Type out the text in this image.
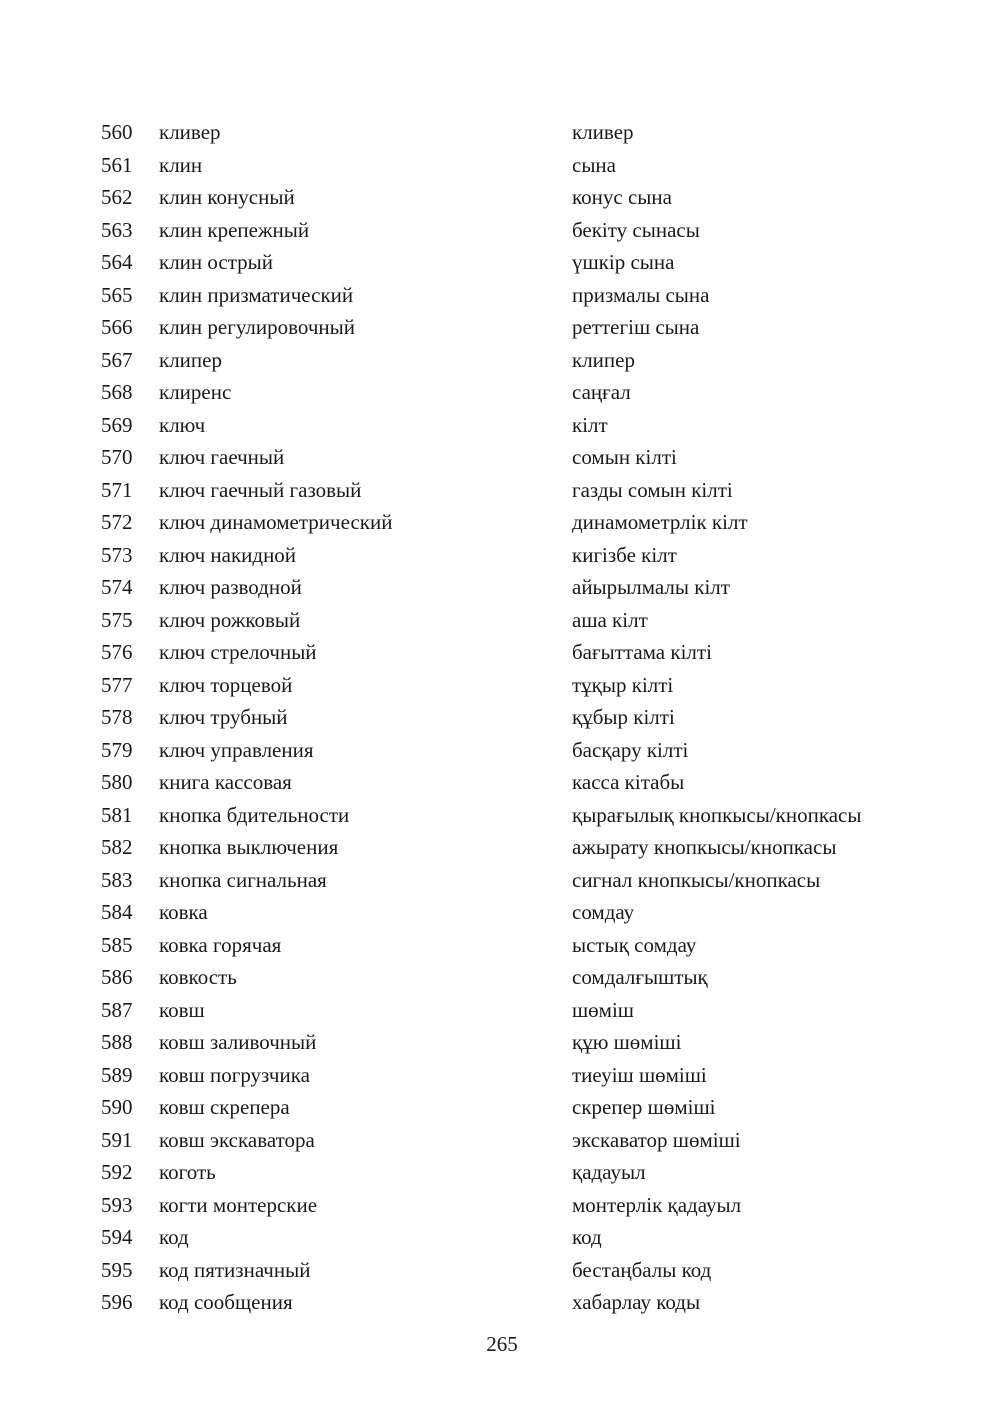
560 кливер	кливер
561 клин	сына
562 клин конусный	конус сына
563 клин крепежный	бекіту сынасы
564 клин острый	үшкір сына
565 клин призматический	призмалы сына
566 клин регулировочный	реттегіш сына
567 клипер	клипер
568 клиренс	саңғал
569 ключ	кілт
570 ключ гаечный	сомын кілті
571 ключ гаечный газовый	газды сомын кілті
572 ключ динамометрический	динамометрлік кілт
573 ключ накидной	кигізбе кілт
574 ключ разводной	айырылмалы кілт
575 ключ рожковый	аша кілт
576 ключ стрелочный	бағыттама кілті
577 ключ торцевой	тұқыр кілті
578 ключ трубный	құбыр кілті
579 ключ управления	басқару кілті
580 книга кассовая	касса кітабы
581 кнопка бдительности	қырағылық кнопкысы/кнопкасы
582 кнопка выключения	ажырату кнопкысы/кнопкасы
583 кнопка сигнальная	сигнал кнопкысы/кнопкасы
584 ковка	сомдау
585 ковка горячая	ыстық сомдау
586 ковкость	сомдалғыштық
587 ковш	шөміш
588 ковш заливочный	құю шөміші
589 ковш погрузчика	тиеуіш шөміші
590 ковш скрепера	скрепер шөміші
591 ковш экскаватора	экскаватор шөміші
592 коготь	қадауыл
593 когти монтерские	монтерлік қадауыл
594 код	код
595 код пятизначный	бестаңбалы код
596 код сообщения	хабарлау коды
265
